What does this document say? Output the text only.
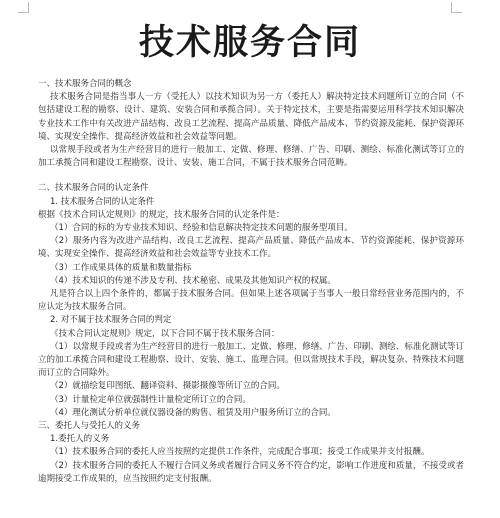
技术服务合同

一、技术服务合同的概念

技术服务合同是指当事人一方（受托人）以技术知识为另一方（委托人）解决特定技术问题所订立的合同（不包括建设工程的勘察、设计、建筑、安装合同和承揽合同）。关于特定技术，主要是指需要运用科学技术知识解决专业技术工作中有关改进产品结构、改良工艺流程、提高产品质量、降低产品成本、节约资源及能耗、保护资源环境、实现安全操作、提高经济效益和社会效益等问题。

以常规手段或者为生产经营目的进行一般加工、定做、修理、修缮、广告、印刷、测绘、标准化测试等订立的加工承揽合同和建设工程勘察、设计、安装、施工合同，不属于技术服务合同范畴。

二、技术服务合同的认定条件

1. 技术服务合同的认定条件

根据《技术合同认定规则》的规定，技术服务合同的认定条件是：

（1）合同的标的为专业技术知识、经验和信息解决特定技术问题的服务型项目。

（2）服务内容为改进产品结构、改良工艺流程、提高产品质量、降低产品成本、节约资源能耗、保护资源环境、实现安全操作、提高经济效益和社会效益等专业技术工作。

（3）工作成果具体的质量和数量指标

（4）技术知识的传递不涉及专利、技术秘密、成果及其他知识产权的权属。

凡是符合以上四个条件的，都属于技术服务合同。但如果上述各项属于当事人一般日常经营业务范围内的，不应认定为技术服务合同。

2. 对不属于技术服务合同的判定

《技术合同认定规则》规定，以下合同不属于技术服务合同：

（1）以常规手段或者为生产经营目的进行一般加工、定做、修理、修缮、广告、印刷、测绘、标准化测试等订立的加工承揽合同和建设工程勘察、设计、安装、施工、监理合同。但以常规技术手段，解决复杂、特殊技术问题而订立的合同除外。

（2）就描绘复印图纸、翻译资料、摄影摄像等所订立的合同。

（3）计量检定单位就强制性计量检定所订立的合同。

（4）理化测试分析单位就仪器设备的购售、租赁及用户服务所订立的合同。

三、委托人与受托人的义务

1.委托人的义务

（1）技术服务合同的委托人应当按照约定提供工作条件，完成配合事项；接受工作成果并支付报酬。

（2）技术服务合同的委托人不履行合同义务或者履行合同义务不符合约定，影响工作进度和质量，不接受或者逾期接受工作成果的，应当按照约定支付报酬。
